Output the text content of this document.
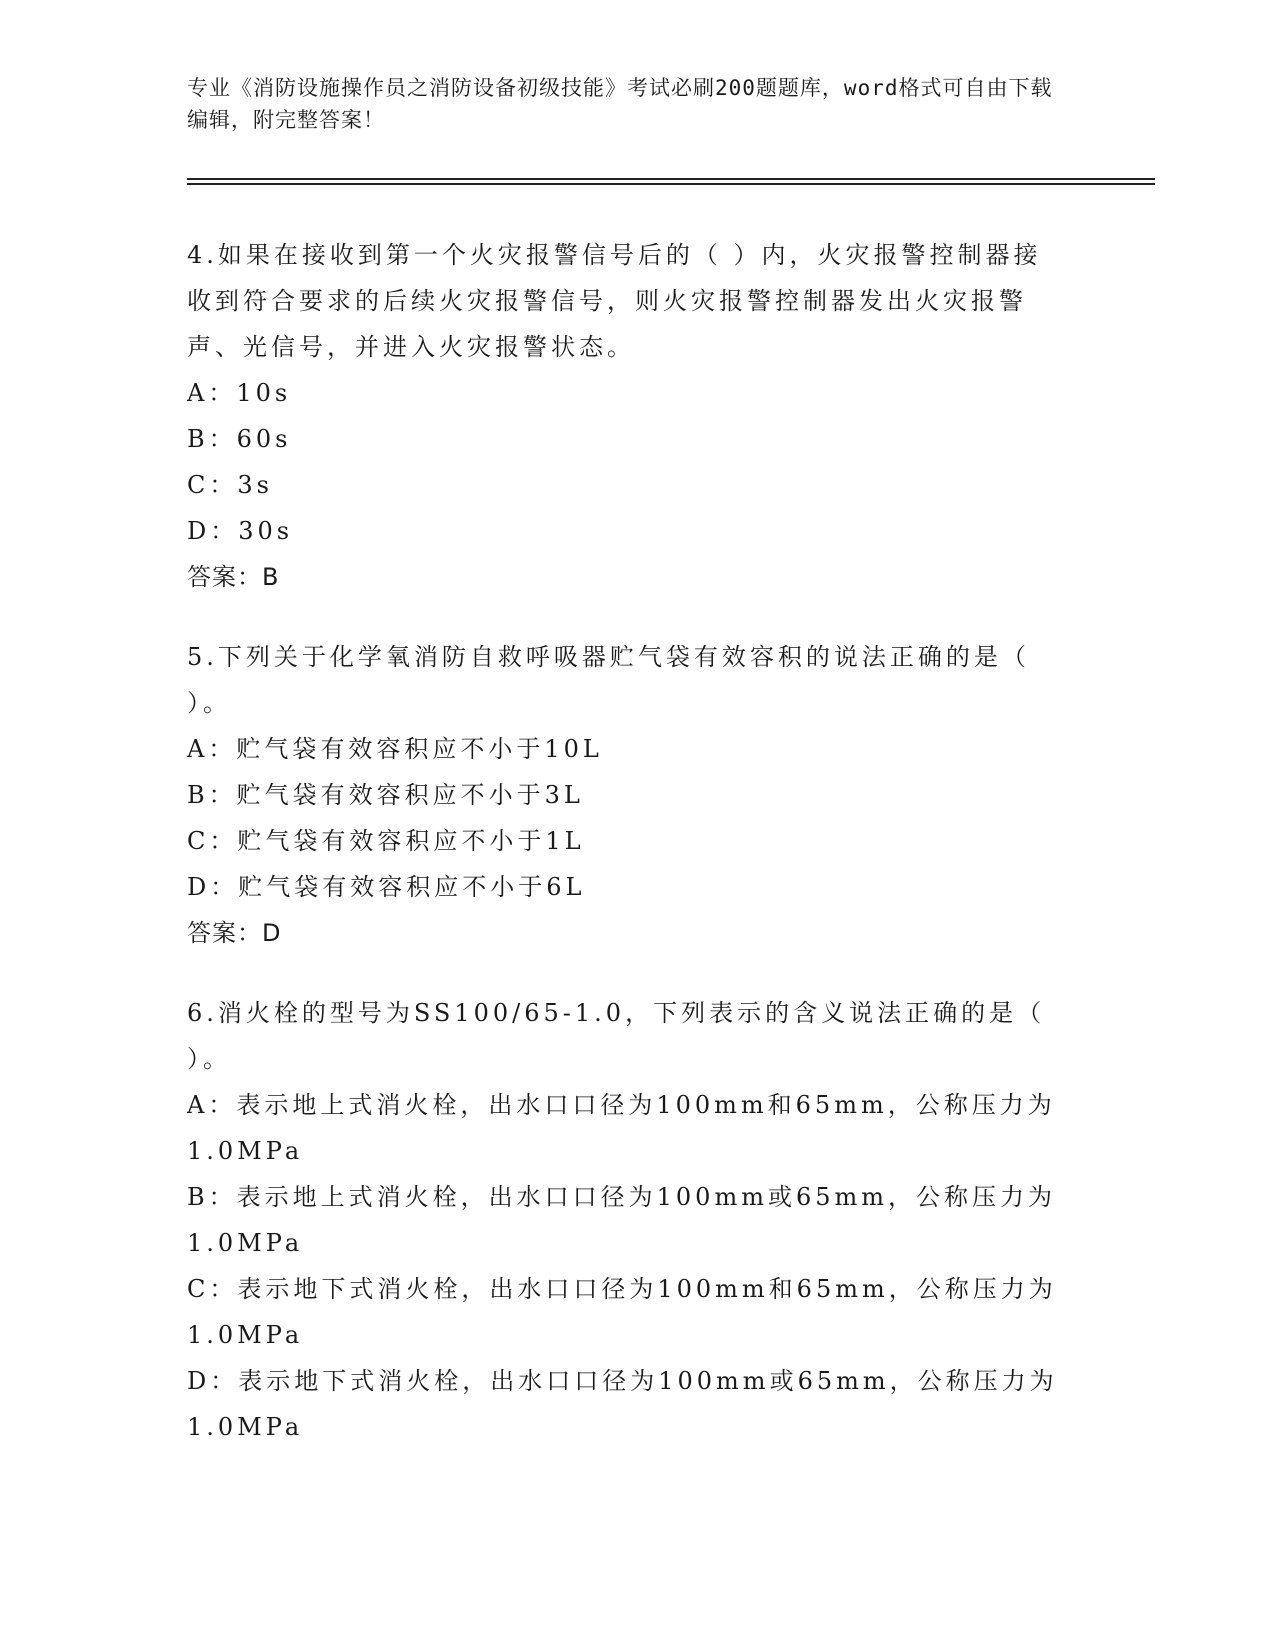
专业《消防设施操作员之消防设备初级技能》考试必刷200题题库，word格式可自由下载编辑，附完整答案！

4.如果在接收到第一个火灾报警信号后的（ ）内，火灾报警控制器接收到符合要求的后续火灾报警信号，则火灾报警控制器发出火灾报警声、光信号，并进入火灾报警状态。

A：10s

B：60s

C：3s

D：30s

答案：B

5.下列关于化学氧消防自救呼吸器贮气袋有效容积的说法正确的是（ ）。

A：贮气袋有效容积应不小于10L

B：贮气袋有效容积应不小于3L

C：贮气袋有效容积应不小于1L

D：贮气袋有效容积应不小于6L

答案：D

6.消火栓的型号为SS100/65-1.0，下列表示的含义说法正确的是（ ）。

A：表示地上式消火栓，出水口口径为100mm和65mm，公称压力为1.0MPa

B：表示地上式消火栓，出水口口径为100mm或65mm，公称压力为1.0MPa

C：表示地下式消火栓，出水口口径为100mm和65mm，公称压力为1.0MPa

D：表示地下式消火栓，出水口口径为100mm或65mm，公称压力为1.0MPa
